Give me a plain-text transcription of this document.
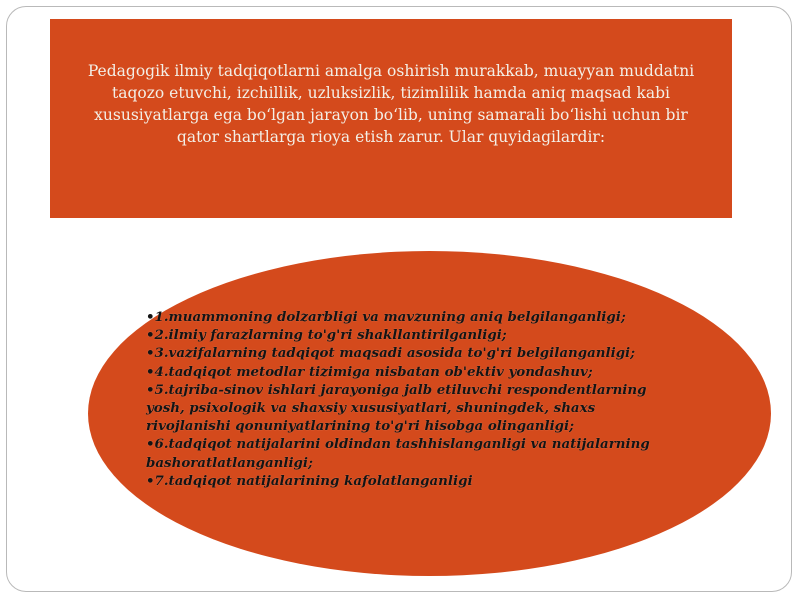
Pedagogik ilmiy tadqiqotlarni amalga oshirish murakkab, muayyan muddatni taqozo etuvchi, izchillik, uzluksizlik, tizimlilik hamda aniq maqsad kabi xususiyatlarga ega bo‘lgan jarayon bo‘lib, uning samarali bo‘lishi uchun bir qator shartlarga rioya etish zarur. Ular quyidagilardir:
•1.muammoning dolzarbligi va mavzuning aniq belgilanganligi;
•2.ilmiy farazlarning to'g'ri shakllantirilganligi;
•3.vazifalarning tadqiqot maqsadi asosida to'g'ri belgilanganligi;
•4.tadqiqot metodlar tizimiga nisbatan ob'ektiv yondashuv;
•5.tajriba-sinov ishlari jarayoniga jalb etiluvchi respondentlarning yosh, psixologik va shaxsiy xususiyatlari, shuningdek, shaxs rivojlanishi qonuniyatlarining to'g'ri hisobga olinganligi;
•6.tadqiqot natijalarini oldindan tashhislanganligi va natijalarning bashoratlatlanganligi;
•7.tadqiqot natijalarining kafolatlanganligi
